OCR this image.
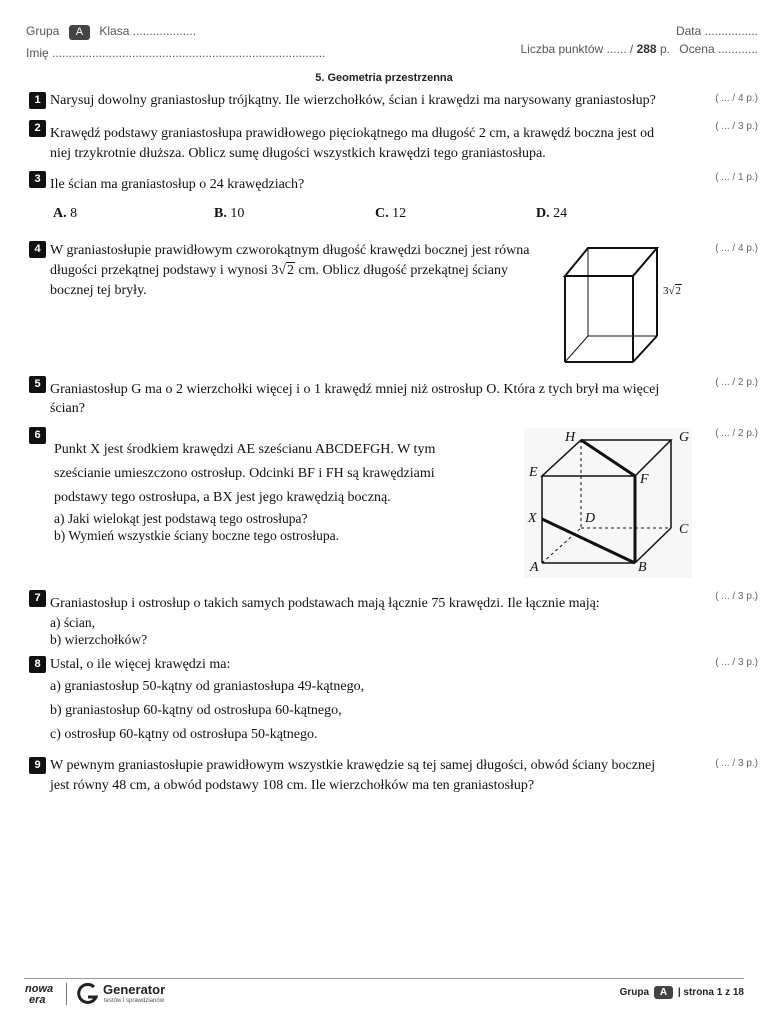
Grupa A Klasa ...................
Imię ..................................................................................
Data ................
Liczba punktów ...... / 288 p. Ocena ............
5. Geometria przestrzenna
1 Narysuj dowolny graniastosłup trójkątny. Ile wierzchołków, ścian i krawędzi ma narysowany graniastosłup?	( ... / 4 p.)
2 Krawędź podstawy graniastosłupa prawidłowego pięciokątnego ma długość 2 cm, a krawędź boczna jest od
niej trzykrotnie dłuższa. Oblicz sumę długości wszystkich krawędzi tego graniastosłupa.
( ... / 3 p.)
3 Ile ścian ma graniastosłup o 24 krawędziach?	( ... / 1 p.)
A. 8	B. 10	C. 12	D. 24
4 W graniastosłupie prawidłowym czworokątnym długość krawędzi bocznej jest równa
długości przekątnej podstawy i wynosi 3√2 cm. Oblicz długość przekątnej ściany
bocznej tej bryły.
( ... / 4 p.)
3√2
5 Graniastosłup G ma o 2 wierzchołki więcej i o 1 krawędź mniej niż ostrosłup O. Która z tych brył ma więcej
ścian?
( ... / 2 p.)
6
Punkt X jest środkiem krawędzi AE sześcianu ABCDEFGH. W tym
sześcianie umieszczono ostrosłup. Odcinki BF i FH są krawędziami
podstawy tego ostrosłupa, a BX jest jego krawędzią boczną.
a) Jaki wielokąt jest podstawą tego ostrosłupa?
b) Wymień wszystkie ściany boczne tego ostrosłupa.
( ... / 2 p.)
H	G
E	F
X	D
C
A	B
7 Graniastosłup i ostrosłup o takich samych podstawach mają łącznie 75 krawędzi. Ile łącznie mają:
a) ścian,
b) wierzchołków?
( ... / 3 p.)
8 Ustal, o ile więcej krawędzi ma:
a) graniastosłup 50-kątny od graniastosłupa 49-kątnego,
b) graniastosłup 60-kątny od ostrosłupa 60-kątnego,
c) ostrosłup 60-kątny od ostrosłupa 50-kątnego.
( ... / 3 p.)
9 W pewnym graniastosłupie prawidłowym wszystkie krawędzie są tej samej długości, obwód ściany bocznej
jest równy 48 cm, a obwód podstawy 108 cm. Ile wierzchołków ma ten graniastosłup?
( ... / 3 p.)
nowa
era
Generator
testów i sprawdzianów
Grupa A | strona 1 z 18
